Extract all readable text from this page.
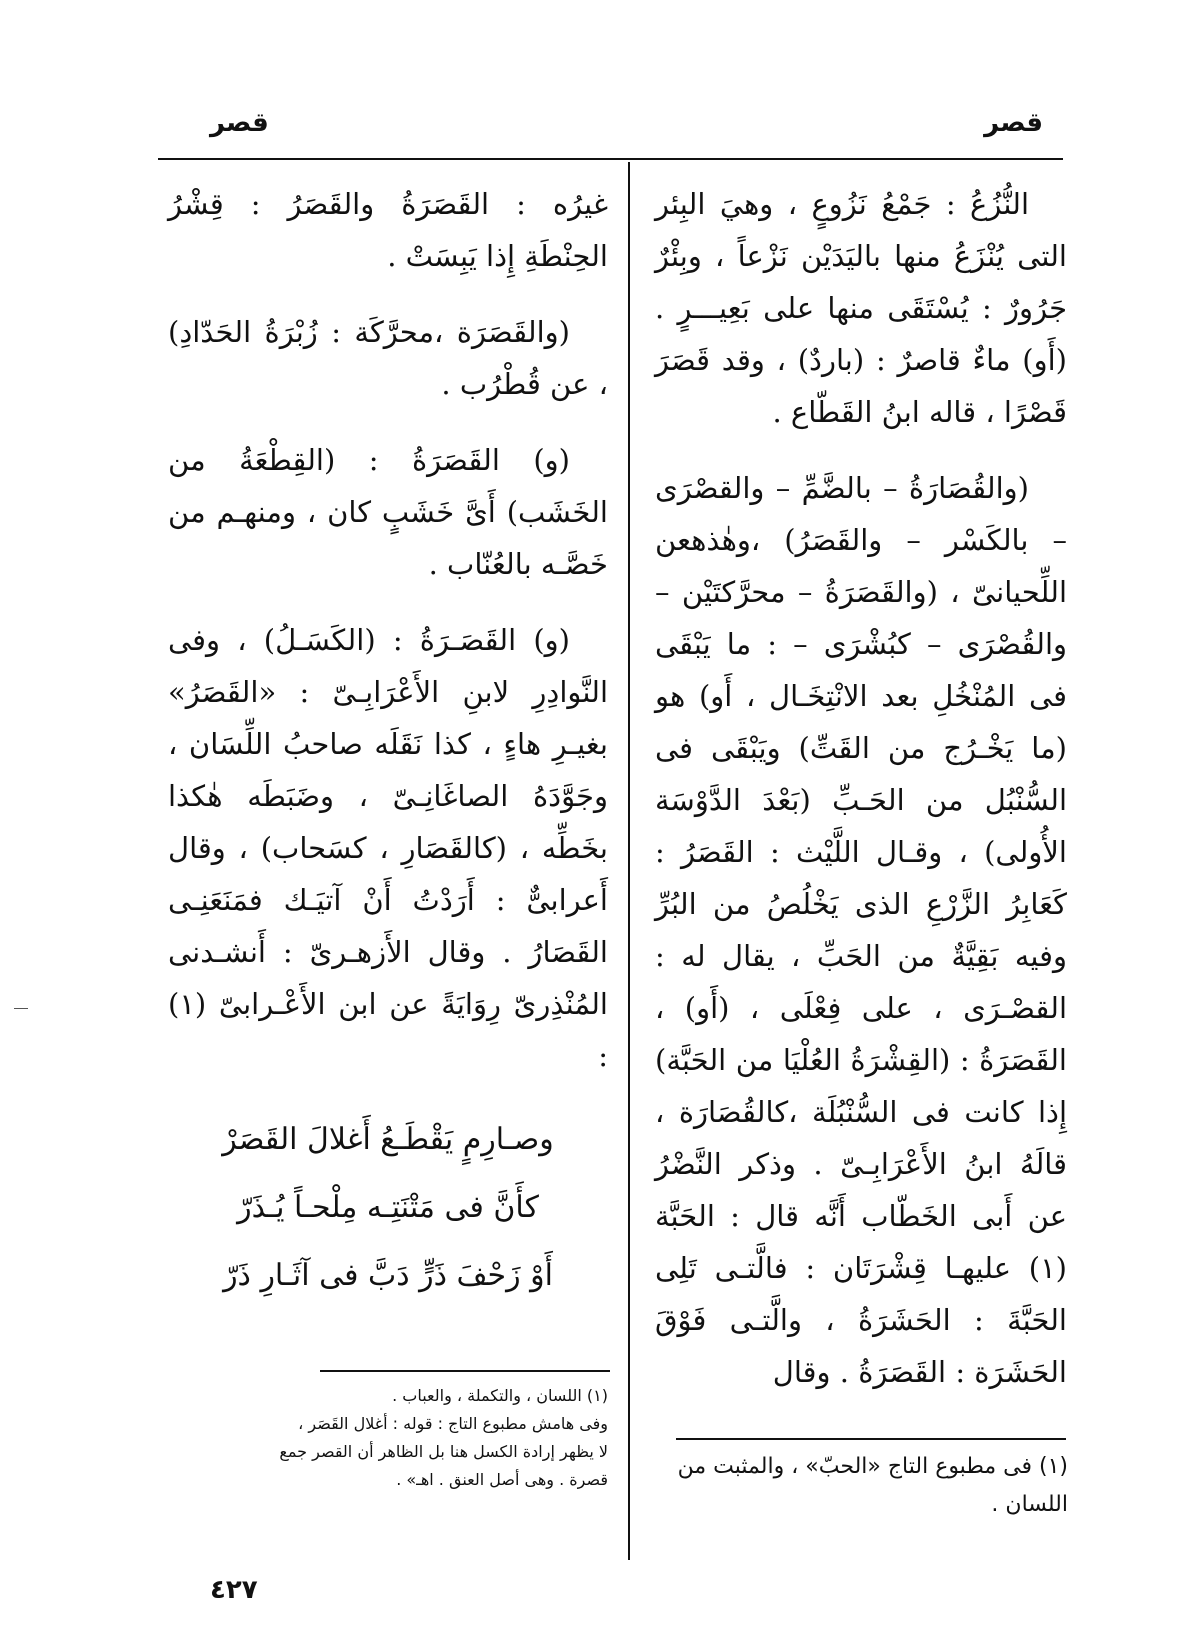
قصر
قصر

النُّزُعُ : جَمْعُ نَزُوعٍ ، وهيَ البِئر التى يُنْزَعُ منها باليَدَيْن نَزْعاً ، وبِئْرٌ جَرُورٌ : يُسْتَقَى منها على بَعِيـــرٍ . (أَو) ماءٌ قاصرٌ : (باردٌ) ، وقد قَصَرَ قَصْرًا ، قاله ابنُ القَطّاع .

(والقُصَارَةُ – بالضَّمِّ – والقصْرَى – بالكَسْر – والقَصَرُ) ،وهٰذهعن اللِّحيانىّ ، (والقَصَرَةُ – محرَّكتَيْن – والقُصْرَى – كبُشْرَى – : ما يَبْقَى فى المُنْخُلِ بعد الانْتِخَـال ، أَو) هو (ما يَخْـرُج من القَتِّ) ويَبْقَى فى السُّنْبُل من الحَـبِّ (بَعْدَ الدَّوْسَة الأُولى) ، وقـال اللَّيْث : القَصَرُ : كَعَابِرُ الزَّرْعِ الذى يَخْلُصُ من البُرِّ وفيه بَقِيَّةٌ من الحَبِّ ، يقال له : القصْـرَى ، على فِعْلَى ، (أَو) ، القَصَرَةُ : (القِشْرَةُ العُلْيَا من الحَبَّة) إِذا كانت فى السُّنْبُلَة ،كالقُصَارَة ، قالَهُ ابنُ الأَعْرَابِـىّ . وذكر النَّضْرُ عن أَبى الخَطّاب أَنَّه قال : الحَبَّة (١) عليهـا قِشْرَتَان : فالَّتـى تَلِى الحَبَّةَ : الحَشَرَةُ ، والَّتـى فَوْقَ الحَشَرَة : القَصَرَةُ . وقال

غيرُه : القَصَرَةُ والقَصَرُ : قِشْرُ الحِنْطَةِ إِذا يَبِسَتْ .

(والقَصَرَة ،محرَّكَة : زُبْرَةُ الحَدّادِ) ، عن قُطْرُب .

(و) القَصَرَةُ : (القِطْعَةُ من الخَشَب) أَىَّ خَشَبٍ كان ، ومنهـم من خَصَّـه بالعُنّاب .

(و) القَصَـرَةُ : (الكَسَـلُ) ، وفى النَّوادِرِ لابنِ الأَعْرَابِـىّ : «القَصَرُ» بغيـرِ هاءٍ ، كذا نَقَلَه صاحبُ اللِّسَان ، وجَوَّدَهُ الصاغَانِـىّ ، وضَبَطَه هٰكذا بخَطِّه ، (كالقَصَارِ ، كسَحاب) ، وقال أَعرابىٌّ : أَرَدْتُ أَنْ آتيَـك فمَنَعَنِـى القَصَارُ . وقال الأَزهـرىّ : أَنشـدنى المُنْذِرىّ رِوَايَةً عن ابن الأَعْـرابىّ (١) :

وصـارِمٍ يَقْطَـعُ أَغلالَ القَصَرْ
كأَنَّ فى مَتْنَتِـه مِلْحـاً يُـذَرّ
أَوْ زَحْفَ ذَرٍّ دَبَّ فى آثَـارِ ذَرّ
(١) اللسان ، والتكملة ، والعباب .
وفى هامش مطبوع التاج : قوله : أغلال القَصَر ،
لا يظهر إرادة الكسل هنا بل الظاهر أن القصر جمع
قصرة . وهى أصل العنق . اهـ» .
(١) فى مطبوع التاج «الحبّ» ، والمثبت من اللسان .
٤٢٧
